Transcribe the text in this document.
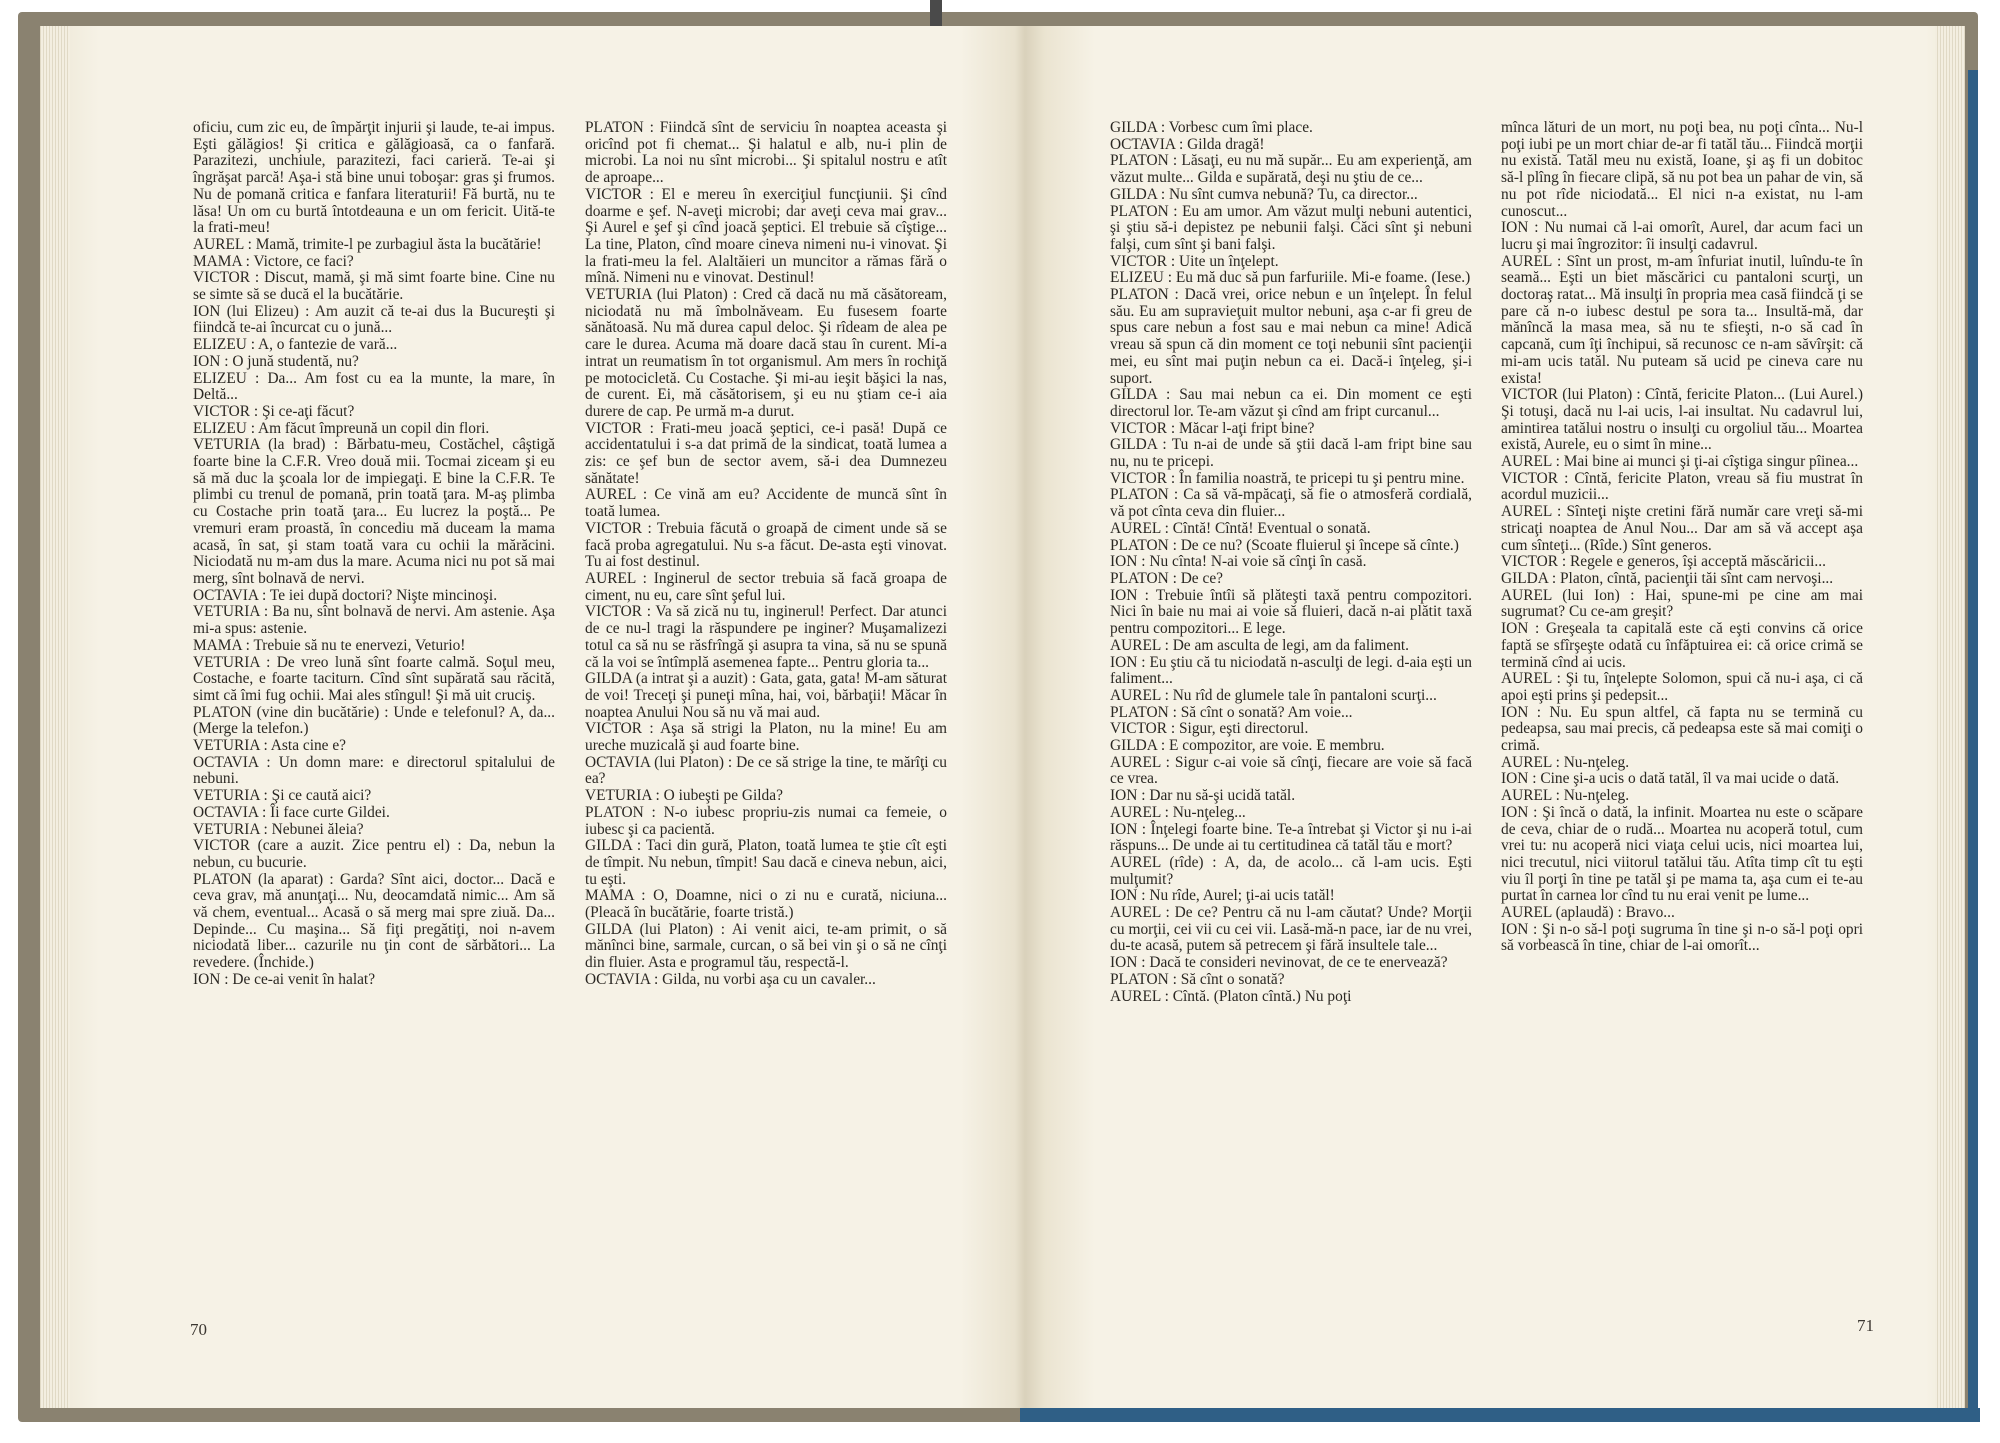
oficiu, cum zic eu, de împărţit injurii şi laude, te-ai impus. Eşti gălăgios! Şi critica e gălăgioasă, ca o fanfară. Parazitezi, unchiule, parazitezi, faci carieră. Te-ai şi îngrăşat parcă! Aşa-i stă bine unui toboşar: gras şi frumos. Nu de pomană critica e fanfara literaturii! Fă burtă, nu te lăsa! Un om cu burtă întotdeauna e un om fericit. Uită-te la frati-meu!

AUREL : Mamă, trimite-l pe zurbagiul ăsta la bucătărie!

MAMA : Victore, ce faci?

VICTOR : Discut, mamă, şi mă simt foarte bine. Cine nu se simte să se ducă el la bucătărie.

ION (lui Elizeu) : Am auzit că te-ai dus la Bucureşti şi fiindcă te-ai încurcat cu o jună...

ELIZEU : A, o fantezie de vară...

ION : O jună studentă, nu?

ELIZEU : Da... Am fost cu ea la munte, la mare, în Deltă...

VICTOR : Şi ce-aţi făcut?

ELIZEU : Am făcut împreună un copil din flori.

VETURIA (la brad) : Bărbatu-meu, Costăchel, câştigă foarte bine la C.F.R. Vreo două mii. Tocmai ziceam şi eu să mă duc la şcoala lor de impiegaţi. E bine la C.F.R. Te plimbi cu trenul de pomană, prin toată ţara. M-aş plimba cu Costache prin toată ţara... Eu lucrez la poştă... Pe vremuri eram proastă, în concediu mă duceam la mama acasă, în sat, şi stam toată vara cu ochii la mărăcini. Niciodată nu m-am dus la mare. Acuma nici nu pot să mai merg, sînt bolnavă de nervi.

OCTAVIA : Te iei după doctori? Nişte mincinoşi.

VETURIA : Ba nu, sînt bolnavă de nervi. Am astenie. Aşa mi-a spus: astenie.

MAMA : Trebuie să nu te enervezi, Veturio!

VETURIA : De vreo lună sînt foarte calmă. Soţul meu, Costache, e foarte taciturn. Cînd sînt supărată sau răcită, simt că îmi fug ochii. Mai ales stîngul! Şi mă uit cruciş.

PLATON (vine din bucătărie) : Unde e telefonul? A, da... (Merge la telefon.)

VETURIA : Asta cine e?

OCTAVIA : Un domn mare: e directorul spitalului de nebuni.

VETURIA : Şi ce caută aici?

OCTAVIA : Îi face curte Gildei.

VETURIA : Nebunei ăleia?

VICTOR (care a auzit. Zice pentru el) : Da, nebun la nebun, cu bucurie.

PLATON (la aparat) : Garda? Sînt aici, doctor... Dacă e ceva grav, mă anunţaţi... Nu, deocamdată nimic... Am să vă chem, eventual... Acasă o să merg mai spre ziuă. Da... Depinde... Cu maşina... Să fiţi pregătiţi, noi n-avem niciodată liber... cazurile nu ţin cont de sărbători... La revedere. (Închide.)

ION : De ce-ai venit în halat?

PLATON : Fiindcă sînt de serviciu în noaptea aceasta şi oricînd pot fi chemat... Şi halatul e alb, nu-i plin de microbi. La noi nu sînt microbi... Şi spitalul nostru e atît de aproape...

VICTOR : El e mereu în exerciţiul funcţiunii. Şi cînd doarme e şef. N-aveţi microbi; dar aveţi ceva mai grav... Şi Aurel e şef şi cînd joacă şeptici. El trebuie să cîştige... La tine, Platon, cînd moare cineva nimeni nu-i vinovat. Şi la frati-meu la fel. Alaltăieri un muncitor a rămas fără o mînă. Nimeni nu e vinovat. Destinul!

VETURIA (lui Platon) : Cred că dacă nu mă căsătoream, niciodată nu mă îmbolnăveam. Eu fusesem foarte sănătoasă. Nu mă durea capul deloc. Şi rîdeam de alea pe care le durea. Acuma mă doare dacă stau în curent. Mi-a intrat un reumatism în tot organismul. Am mers în rochiţă pe motocicletă. Cu Costache. Şi mi-au ieşit băşici la nas, de curent. Ei, mă căsătorisem, şi eu nu ştiam ce-i aia durere de cap. Pe urmă m-a durut.

VICTOR : Frati-meu joacă şeptici, ce-i pasă! După ce accidentatului i s-a dat primă de la sindicat, toată lumea a zis: ce şef bun de sector avem, să-i dea Dumnezeu sănătate!

AUREL : Ce vină am eu? Accidente de muncă sînt în toată lumea.

VICTOR : Trebuia făcută o groapă de ciment unde să se facă proba agregatului. Nu s-a făcut. De-asta eşti vinovat. Tu ai fost destinul.

AUREL : Inginerul de sector trebuia să facă groapa de ciment, nu eu, care sînt şeful lui.

VICTOR : Va să zică nu tu, inginerul! Perfect. Dar atunci de ce nu-l tragi la răspundere pe inginer? Muşamalizezi totul ca să nu se răsfrîngă şi asupra ta vina, să nu se spună că la voi se întîmplă asemenea fapte... Pentru gloria ta...

GILDA (a intrat şi a auzit) : Gata, gata, gata! M-am săturat de voi! Treceţi şi puneţi mîna, hai, voi, bărbaţii! Măcar în noaptea Anului Nou să nu vă mai aud.

VICTOR : Aşa să strigi la Platon, nu la mine! Eu am ureche muzicală şi aud foarte bine.

OCTAVIA (lui Platon) : De ce să strige la tine, te mărîţi cu ea?

VETURIA : O iubeşti pe Gilda?

PLATON : N-o iubesc propriu-zis numai ca femeie, o iubesc şi ca pacientă.

GILDA : Taci din gură, Platon, toată lumea te ştie cît eşti de tîmpit. Nu nebun, tîmpit! Sau dacă e cineva nebun, aici, tu eşti.

MAMA : O, Doamne, nici o zi nu e curată, niciuna... (Pleacă în bucătărie, foarte tristă.)

GILDA (lui Platon) : Ai venit aici, te-am primit, o să mănînci bine, sarmale, curcan, o să bei vin şi o să ne cînţi din fluier. Asta e programul tău, respectă-l.

OCTAVIA : Gilda, nu vorbi aşa cu un cavaler...

70

GILDA : Vorbesc cum îmi place.

OCTAVIA : Gilda dragă!

PLATON : Lăsaţi, eu nu mă supăr... Eu am experienţă, am văzut multe... Gilda e supărată, deşi nu ştiu de ce...

GILDA : Nu sînt cumva nebună? Tu, ca director...

PLATON : Eu am umor. Am văzut mulţi nebuni autentici, şi ştiu să-i depistez pe nebunii falşi. Căci sînt şi nebuni falşi, cum sînt şi bani falşi.

VICTOR : Uite un înţelept.

ELIZEU : Eu mă duc să pun farfuriile. Mi-e foame. (Iese.)

PLATON : Dacă vrei, orice nebun e un înţelept. În felul său. Eu am supravieţuit multor nebuni, aşa c-ar fi greu de spus care nebun a fost sau e mai nebun ca mine! Adică vreau să spun că din moment ce toţi nebunii sînt pacienţii mei, eu sînt mai puţin nebun ca ei. Dacă-i înţeleg, şi-i suport.

GILDA : Sau mai nebun ca ei. Din moment ce eşti directorul lor. Te-am văzut şi cînd am fript curcanul...

VICTOR : Măcar l-aţi fript bine?

GILDA : Tu n-ai de unde să ştii dacă l-am fript bine sau nu, nu te pricepi.

VICTOR : În familia noastră, te pricepi tu şi pentru mine.

PLATON : Ca să vă-mpăcaţi, să fie o atmosferă cordială, vă pot cînta ceva din fluier...

AUREL : Cîntă! Cîntă! Eventual o sonată.

PLATON : De ce nu? (Scoate fluierul şi începe să cînte.)

ION : Nu cînta! N-ai voie să cînţi în casă.

PLATON : De ce?

ION : Trebuie întîi să plăteşti taxă pentru compozitori. Nici în baie nu mai ai voie să fluieri, dacă n-ai plătit taxă pentru compozitori... E lege.

AUREL : De am asculta de legi, am da faliment.

ION : Eu ştiu că tu niciodată n-asculţi de legi. d-aia eşti un faliment...

AUREL : Nu rîd de glumele tale în pantaloni scurţi...

PLATON : Să cînt o sonată? Am voie...

VICTOR : Sigur, eşti directorul.

GILDA : E compozitor, are voie. E membru.

AUREL : Sigur c-ai voie să cînţi, fiecare are voie să facă ce vrea.

ION : Dar nu să-şi ucidă tatăl.

AUREL : Nu-nţeleg...

ION : Înţelegi foarte bine. Te-a întrebat şi Victor şi nu i-ai răspuns... De unde ai tu certitudinea că tatăl tău e mort?

AUREL (rîde) : A, da, de acolo... că l-am ucis. Eşti mulţumit?

ION : Nu rîde, Aurel; ţi-ai ucis tatăl!

AUREL : De ce? Pentru că nu l-am căutat? Unde? Morţii cu morţii, cei vii cu cei vii. Lasă-mă-n pace, iar de nu vrei, du-te acasă, putem să petrecem şi fără insultele tale...

ION : Dacă te consideri nevinovat, de ce te enervează?

PLATON : Să cînt o sonată?

AUREL : Cîntă. (Platon cîntă.) Nu poţi

mînca lături de un mort, nu poţi bea, nu poţi cînta... Nu-l poţi iubi pe un mort chiar de-ar fi tatăl tău... Fiindcă morţii nu există. Tatăl meu nu există, Ioane, şi aş fi un dobitoc să-l plîng în fiecare clipă, să nu pot bea un pahar de vin, să nu pot rîde niciodată... El nici n-a existat, nu l-am cunoscut...

ION : Nu numai că l-ai omorît, Aurel, dar acum faci un lucru şi mai îngrozitor: îi insulţi cadavrul.

AUREL : Sînt un prost, m-am înfuriat inutil, luîndu-te în seamă... Eşti un biet măscărici cu pantaloni scurţi, un doctoraş ratat... Mă insulţi în propria mea casă fiindcă ţi se pare că n-o iubesc destul pe sora ta... Insultă-mă, dar mănîncă la masa mea, să nu te sfieşti, n-o să cad în capcană, cum îţi închipui, să recunosc ce n-am săvîrşit: că mi-am ucis tatăl. Nu puteam să ucid pe cineva care nu exista!

VICTOR (lui Platon) : Cîntă, fericite Platon... (Lui Aurel.) Şi totuşi, dacă nu l-ai ucis, l-ai insultat. Nu cadavrul lui, amintirea tatălui nostru o insulţi cu orgoliul tău... Moartea există, Aurele, eu o simt în mine...

AUREL : Mai bine ai munci şi ţi-ai cîştiga singur pîinea...

VICTOR : Cîntă, fericite Platon, vreau să fiu mustrat în acordul muzicii...

AUREL : Sînteţi nişte cretini fără număr care vreţi să-mi stricaţi noaptea de Anul Nou... Dar am să vă accept aşa cum sînteţi... (Rîde.) Sînt generos.

VICTOR : Regele e generos, îşi acceptă măscăricii...

GILDA : Platon, cîntă, pacienţii tăi sînt cam nervoşi...

AUREL (lui Ion) : Hai, spune-mi pe cine am mai sugrumat? Cu ce-am greşit?

ION : Greşeala ta capitală este că eşti convins că orice faptă se sfîrşeşte odată cu înfăptuirea ei: că orice crimă se termină cînd ai ucis.

AUREL : Şi tu, înţelepte Solomon, spui că nu-i aşa, ci că apoi eşti prins şi pedepsit...

ION : Nu. Eu spun altfel, că fapta nu se termină cu pedeapsa, sau mai precis, că pedeapsa este să mai comiţi o crimă.

AUREL : Nu-nţeleg.

ION : Cine şi-a ucis o dată tatăl, îl va mai ucide o dată.

AUREL : Nu-nţeleg.

ION : Şi încă o dată, la infinit. Moartea nu este o scăpare de ceva, chiar de o rudă... Moartea nu acoperă totul, cum vrei tu: nu acoperă nici viaţa celui ucis, nici moartea lui, nici trecutul, nici viitorul tatălui tău. Atîta timp cît tu eşti viu îl porţi în tine pe tatăl şi pe mama ta, aşa cum ei te-au purtat în carnea lor cînd tu nu erai venit pe lume...

AUREL (aplaudă) : Bravo...

ION : Şi n-o să-l poţi sugruma în tine şi n-o să-l poţi opri să vorbească în tine, chiar de l-ai omorît...

71
